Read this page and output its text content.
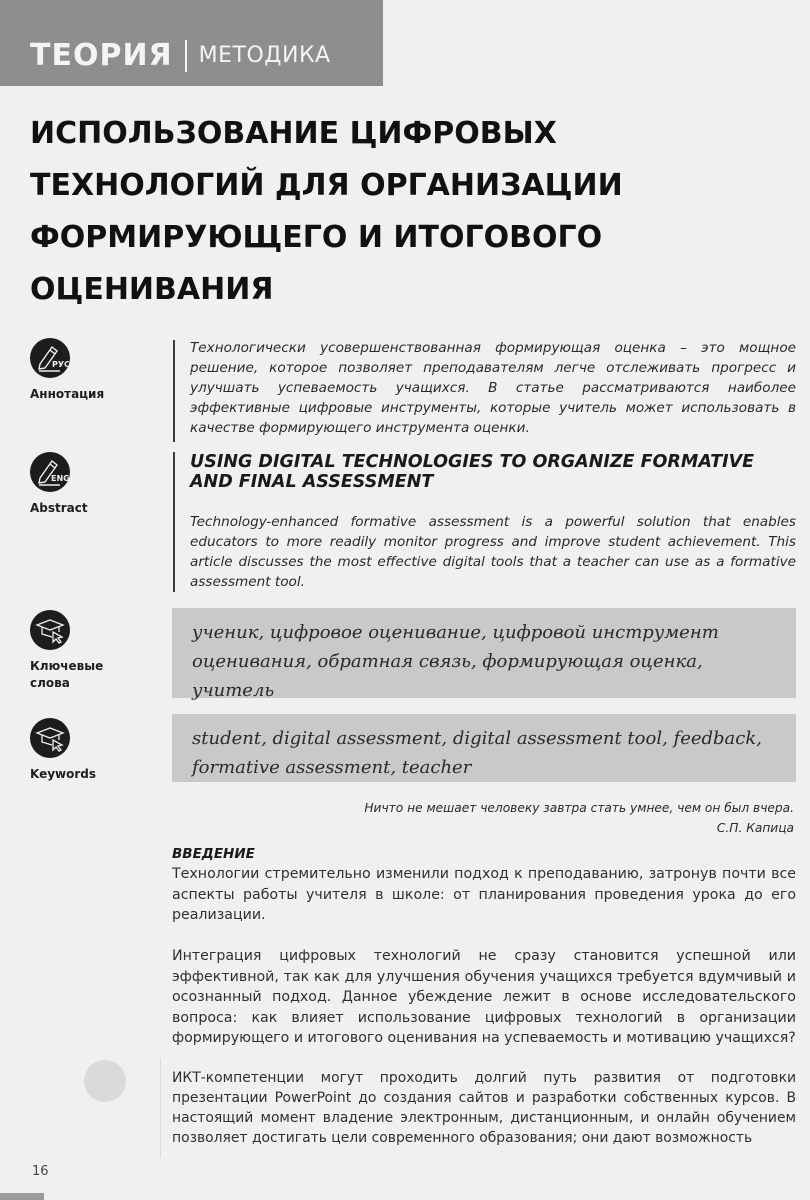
ТЕОРИЯ МЕТОДИКА
ИСПОЛЬЗОВАНИЕ ЦИФРОВЫХ
ТЕХНОЛОГИЙ ДЛЯ ОРГАНИЗАЦИИ
ФОРМИРУЮЩЕГО И ИТОГОВОГО
ОЦЕНИВАНИЯ
РУС
Аннотация
Технологически усовершенствованная формирующая оценка – это мощное решение, которое позволяет преподавателям легче отслеживать прогресс и улучшать успеваемость учащихся. В статье рассматриваются наиболее эффективные цифровые инструменты, которые учитель может использовать в качестве формирующего инструмента оценки.
ENG
Abstract
USING DIGITAL TECHNOLOGIES TO ORGANIZE FORMATIVE AND FINAL ASSESSMENT
Technology-enhanced formative assessment is a powerful solution that enables educators to more readily monitor progress and improve student achievement. This article discusses the most effective digital tools that a teacher can use as a formative assessment tool.
Ключевые слова
ученик, цифровое оценивание, цифровой инструмент оценивания, обратная связь, формирующая оценка, учитель
Keywords
student, digital assessment, digital assessment tool, feedback, formative assessment, teacher
Ничто не мешает человеку завтра стать умнее, чем он был вчера.
С.П. Капица
ВВЕДЕНИЕ
Технологии стремительно изменили подход к преподаванию, затронув почти все аспекты работы учителя в школе: от планирования проведения урока до его реализации.
Интеграция цифровых технологий не сразу становится успешной или эффективной, так как для улучшения обучения учащихся требуется вдумчивый и осознанный подход. Данное убеждение лежит в основе исследовательского вопроса: как влияет использование цифровых технологий в организации формирующего и итогового оценивания на успеваемость и мотивацию учащихся?
ИКТ-компетенции могут проходить долгий путь развития от подготовки презентации PowerPoint до создания сайтов и разработки собственных курсов. В настоящий момент владение электронным, дистанционным, и онлайн обучением позволяет достигать цели современного образования; они дают возможность
16
